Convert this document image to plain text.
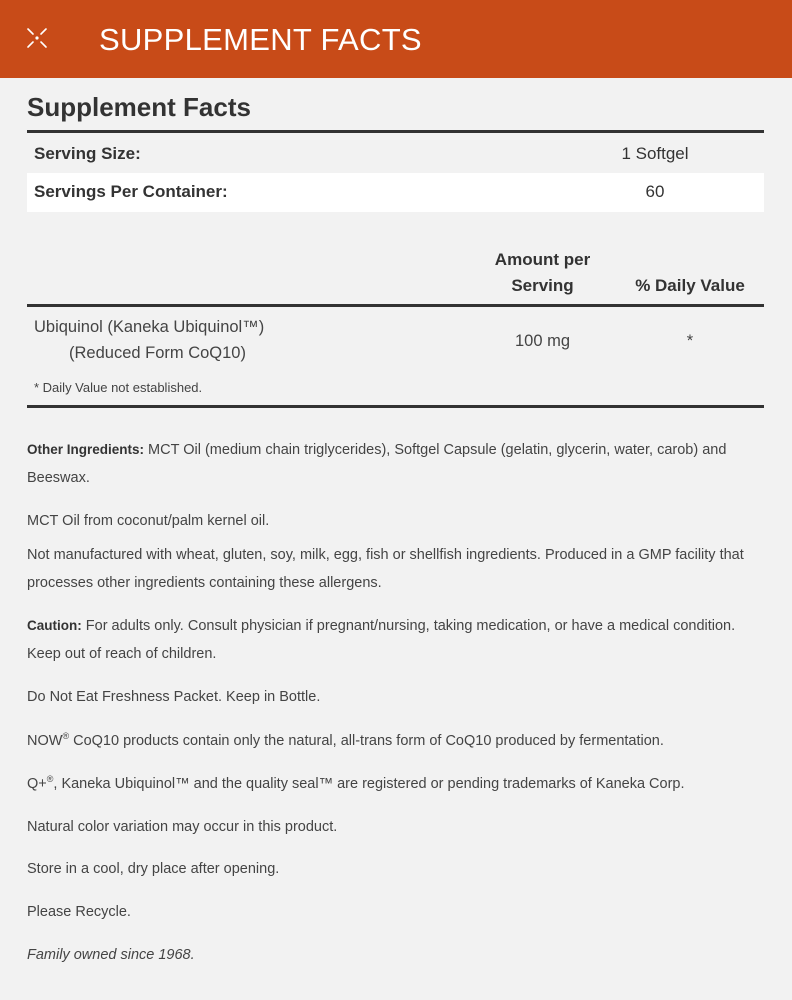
SUPPLEMENT FACTS
Supplement Facts
Serving Size:	1 Softgel
Servings Per Container:	60
Amount per
Serving	% Daily Value
Ubiquinol (Kaneka Ubiquinol™)
(Reduced Form CoQ10)
100 mg	*
* Daily Value not established.
Other Ingredients: MCT Oil (medium chain triglycerides), Softgel Capsule (gelatin, glycerin, water, carob) and Beeswax.
MCT Oil from coconut/palm kernel oil.
Not manufactured with wheat, gluten, soy, milk, egg, fish or shellfish ingredients. Produced in a GMP facility that processes other ingredients containing these allergens.
Caution: For adults only. Consult physician if pregnant/nursing, taking medication, or have a medical condition. Keep out of reach of children.
Do Not Eat Freshness Packet. Keep in Bottle.
NOW® CoQ10 products contain only the natural, all-trans form of CoQ10 produced by fermentation.
Q+®, Kaneka Ubiquinol™ and the quality seal™ are registered or pending trademarks of Kaneka Corp.
Natural color variation may occur in this product.
Store in a cool, dry place after opening.
Please Recycle.
Family owned since 1968.
